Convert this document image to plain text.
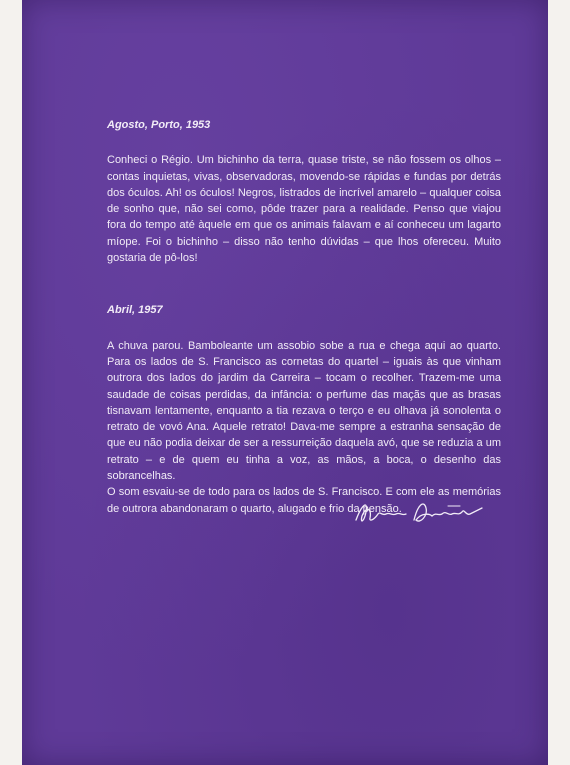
Agosto, Porto, 1953

Conheci o Régio. Um bichinho da terra, quase triste, se não fossem os olhos – contas inquietas, vivas, observadoras, movendo-se rápidas e fundas por detrás dos óculos. Ah! os óculos! Negros, listrados de incrível amarelo – qualquer coisa de sonho que, não sei como, pôde trazer para a realidade. Penso que viajou fora do tempo até àquele em que os animais falavam e aí conheceu um lagarto míope. Foi o bichinho – disso não tenho dúvidas – que lhos ofereceu. Muito gostaria de pô-los!

Abril, 1957

A chuva parou. Bamboleante um assobio sobe a rua e chega aqui ao quarto. Para os lados de S. Francisco as cornetas do quartel – iguais às que vinham outrora dos lados do jardim da Carreira – tocam o recolher. Trazem-me uma saudade de coisas perdidas, da infância: o perfume das maçãs que as brasas tisnavam lentamente, enquanto a tia rezava o terço e eu olhava já sonolenta o retrato de vovó Ana. Aquele retrato! Dava-me sempre a estranha sensação de que eu não podia deixar de ser a ressurreição daquela avó, que se reduzia a um retrato – e de quem eu tinha a voz, as mãos, a boca, o desenho das sobrancelhas.

O som esvaiu-se de todo para os lados de S. Francisco. E com ele as memórias de outrora abandonaram o quarto, alugado e frio da pensão.
